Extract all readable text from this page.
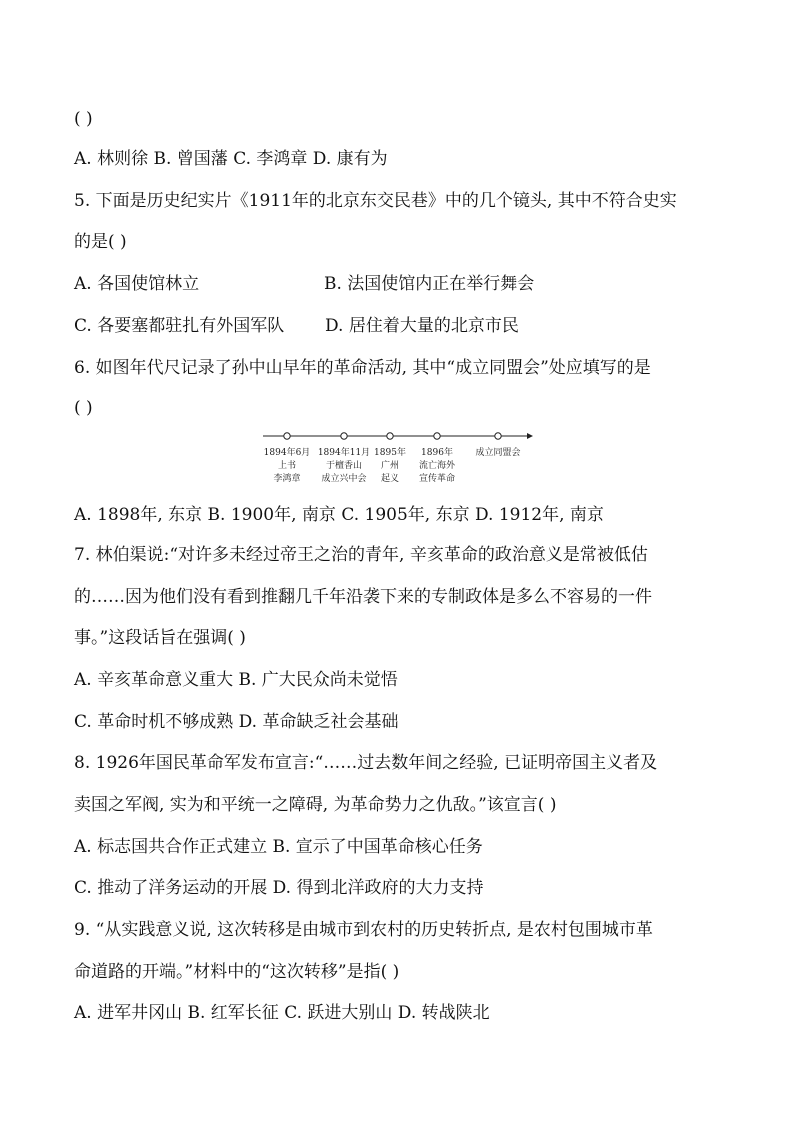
( )
A. 林则徐 B. 曾国藩 C. 李鸿章 D. 康有为
5. 下面是历史纪实片《1911年的北京东交民巷》中的几个镜头, 其中不符合史实
的是( )
A. 各国使馆林立	B. 法国使馆内正在举行舞会
C. 各要塞都驻扎有外国军队 D. 居住着大量的北京市民
6. 如图年代尺记录了孙中山早年的革命活动, 其中“成立同盟会”处应填写的是
( )
1894年6月
上书
李鸿章
1894年11月
于檀香山
成立兴中会
1895年
广州
起义
1896年
流亡海外
宣传革命
成立同盟会
A. 1898年, 东京 B. 1900年, 南京 C. 1905年, 东京 D. 1912年, 南京
7. 林伯渠说:“对许多未经过帝王之治的青年, 辛亥革命的政治意义是常被低估
的……因为他们没有看到推翻几千年沿袭下来的专制政体是多么不容易的一件
事。”这段话旨在强调( )
A. 辛亥革命意义重大 B. 广大民众尚未觉悟
C. 革命时机不够成熟 D. 革命缺乏社会基础
8. 1926年国民革命军发布宣言:“……过去数年间之经验, 已证明帝国主义者及
卖国之军阀, 实为和平统一之障碍, 为革命势力之仇敌。”该宣言( )
A. 标志国共合作正式建立 B. 宣示了中国革命核心任务
C. 推动了洋务运动的开展 D. 得到北洋政府的大力支持
9. “从实践意义说, 这次转移是由城市到农村的历史转折点, 是农村包围城市革
命道路的开端。”材料中的“这次转移”是指( )
A. 进军井冈山 B. 红军长征 C. 跃进大别山 D. 转战陕北
